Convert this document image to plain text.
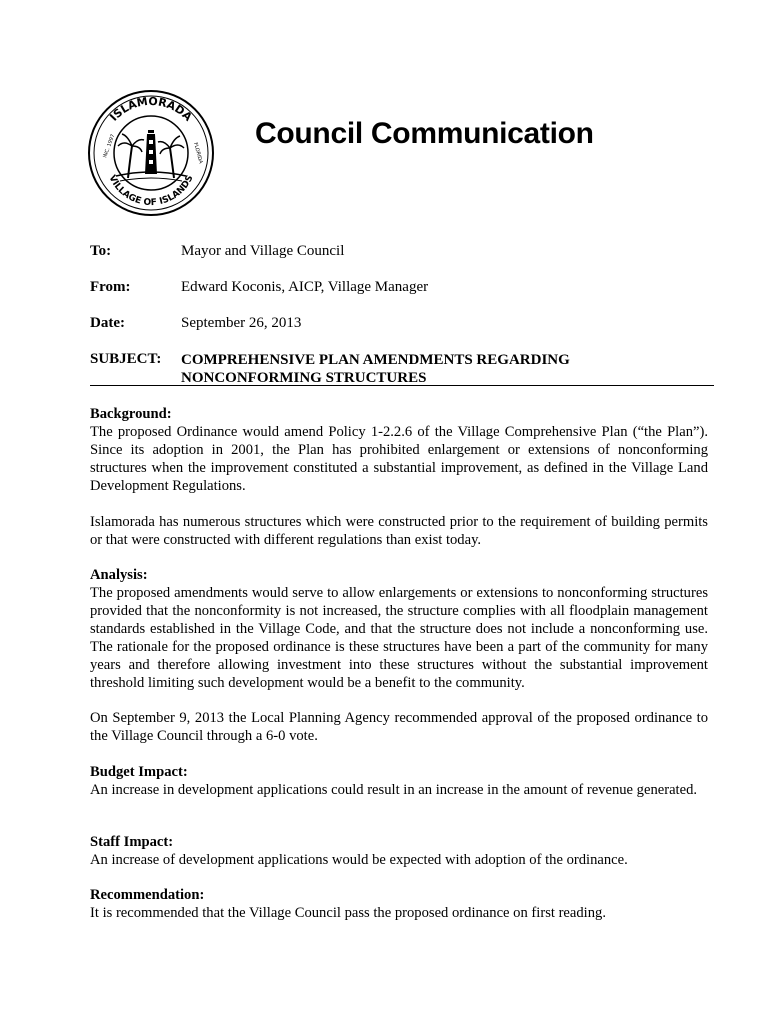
ISLAMORADA
VILLAGE OF ISLANDS
INC. 1997	FLORIDA
Council Communication
To:	Mayor and Village Council
From:	Edward Koconis, AICP, Village Manager
Date:	September 26, 2013
SUBJECT:	COMPREHENSIVE PLAN AMENDMENTS REGARDING
NONCONFORMING STRUCTURES
Background:
The proposed Ordinance would amend Policy 1-2.2.6 of the Village Comprehensive Plan (“the Plan”). Since its adoption in 2001, the Plan has prohibited enlargement or extensions of nonconforming structures when the improvement constituted a substantial improvement, as defined in the Village Land Development Regulations.
Islamorada has numerous structures which were constructed prior to the requirement of building permits or that were constructed with different regulations than exist today.
Analysis:
The proposed amendments would serve to allow enlargements or extensions to nonconforming structures provided that the nonconformity is not increased, the structure complies with all floodplain management standards established in the Village Code, and that the structure does not include a nonconforming use. The rationale for the proposed ordinance is these structures have been a part of the community for many years and therefore allowing investment into these structures without the substantial improvement threshold limiting such development would be a benefit to the community.
On September 9, 2013 the Local Planning Agency recommended approval of the proposed ordinance to the Village Council through a 6-0 vote.
Budget Impact:
An increase in development applications could result in an increase in the amount of revenue generated.
Staff Impact:
An increase of development applications would be expected with adoption of the ordinance.
Recommendation:
It is recommended that the Village Council pass the proposed ordinance on first reading.
